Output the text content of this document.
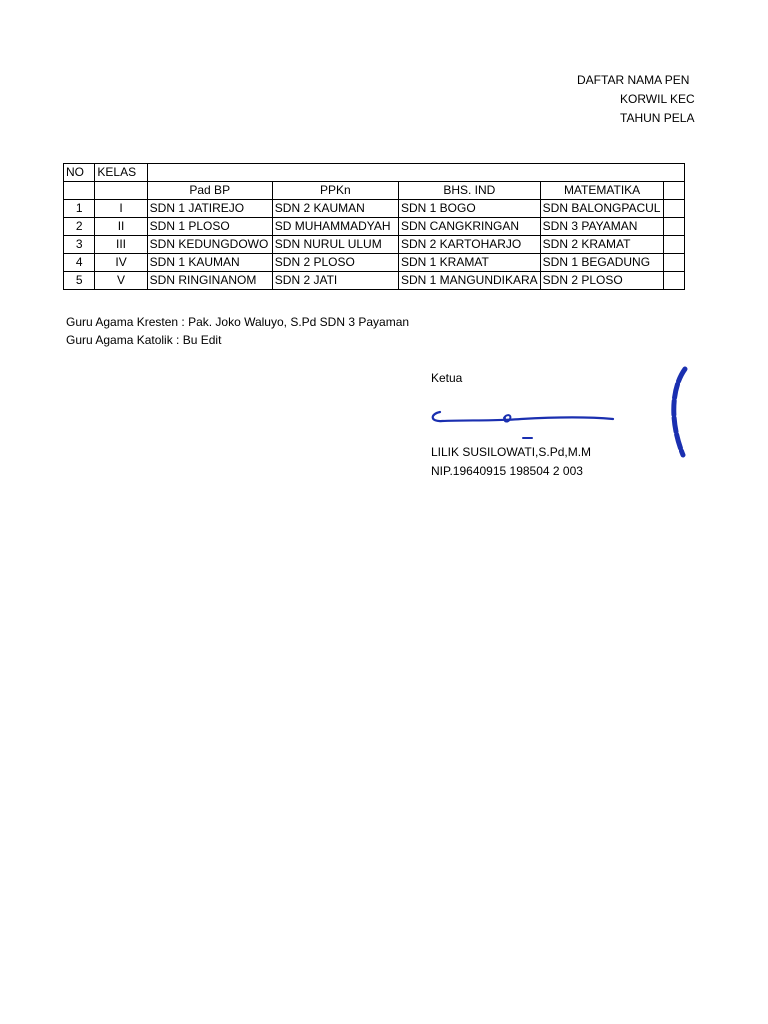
DAFTAR NAMA PEN
KORWIL KEC
TAHUN PELA
NO	KELAS					
		Pad BP	PPKn	BHS. IND	MATEMATIKA	
1	I	SDN 1 JATIREJO	SDN 2 KAUMAN	SDN 1 BOGO	SDN BALONGPACUL	
2	II	SDN 1 PLOSO	SD MUHAMMADYAH	SDN CANGKRINGAN	SDN 3 PAYAMAN	
3	III	SDN KEDUNGDOWO	SDN NURUL ULUM	SDN 2 KARTOHARJO	SDN 2 KRAMAT	
4	IV	SDN 1 KAUMAN	SDN 2 PLOSO	SDN 1 KRAMAT	SDN 1 BEGADUNG	
5	V	SDN RINGINANOM	SDN 2 JATI	SDN 1 MANGUNDIKARA	SDN 2 PLOSO	
Guru Agama Kresten : Pak. Joko Waluyo, S.Pd SDN 3 Payaman
Guru Agama Katolik : Bu Edit
Ketua
LILIK SUSILOWATI,S.Pd,M.M
NIP.19640915 198504 2 003
